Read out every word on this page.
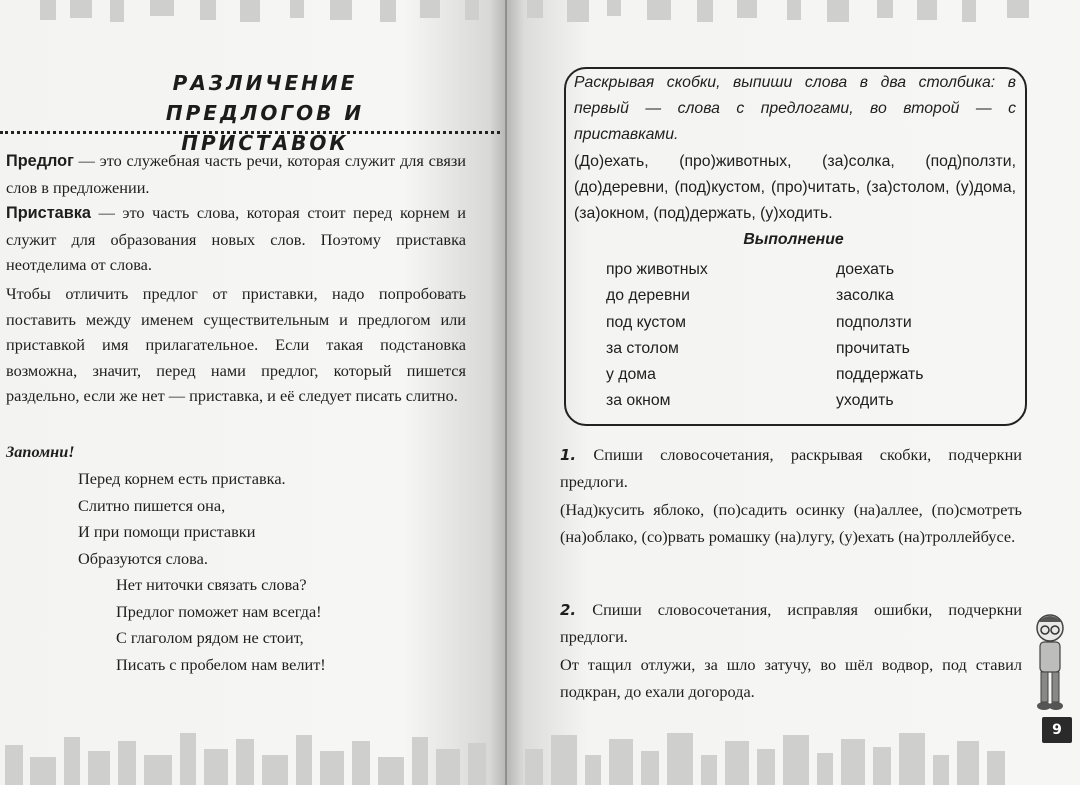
РАЗЛИЧЕНИЕ
ПРЕДЛОГОВ И ПРИСТАВОК

Предлог — это служебная часть речи, которая служит для связи слов в предложении.

Приставка — это часть слова, которая стоит перед корнем и служит для образования новых слов. Поэтому приставка неотделима от слова.

Чтобы отличить предлог от приставки, надо попробовать поставить между именем существительным и предлогом или приставкой имя прилагательное. Если такая подстановка возможна, значит, перед нами предлог, который пишется раздельно, если же нет — приставка, и её следует писать слитно.

Запомни!
Перед корнем есть приставка.
Слитно пишется она,
И при помощи приставки
Образуются слова.
Нет ниточки связать слова?
Предлог поможет нам всегда!
С глаголом рядом не стоит,
Писать с пробелом нам велит!
Раскрывая скобки, выпиши слова в два столбика: в первый — слова с предлогами, во второй — с приставками.
(До)ехать, (про)животных, (за)солка, (под)ползти, (до)деревни, (под)кустом, (про)читать, (за)столом, (у)дома, (за)окном, (под)держать, (у)ходить.
Выполнение
про животных
до деревни
под кустом
за столом
у дома
за окном
доехать
засолка
подползти
прочитать
поддержать
уходить

1. Спиши словосочетания, раскрывая скобки, подчеркни предлоги.

(Над)кусить яблоко, (по)садить осинку (на)аллее, (по)смотреть (на)облако, (со)рвать ромашку (на)лугу, (у)ехать (на)троллейбусе.

2. Спиши словосочетания, исправляя ошибки, подчеркни предлоги.

От тащил отлужи, за шло затучу, во шёл водвор, под ставил подкран, до ехали догорода.

9
